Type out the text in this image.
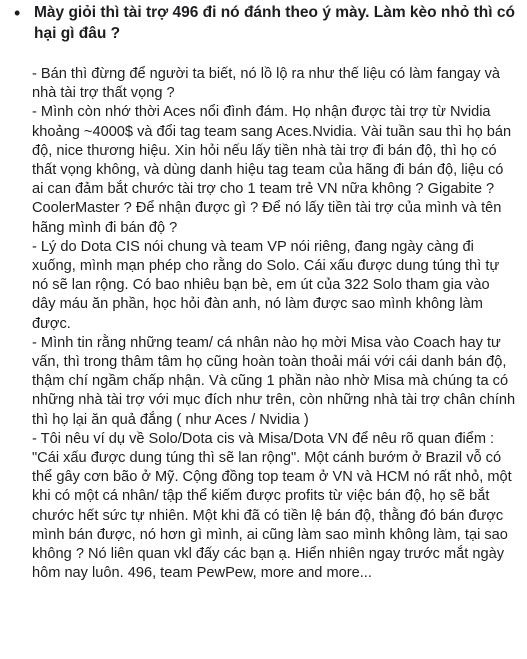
• Mày giỏi thì tài trợ 496 đi nó đánh theo ý mày. Làm kèo nhỏ thì có hại gì đâu ?

- Bán thì đừng để người ta biết, nó lồ lộ ra như thế liệu có làm fangay và nhà tài trợ thất vọng ?

- Mình còn nhớ thời Aces nổi đình đám. Họ nhận được tài trợ từ Nvidia khoảng ~4000$ và đổi tag team sang Aces.Nvidia. Vài tuần sau thì họ bán độ, nice thương hiệu. Xin hỏi nếu lấy tiền nhà tài trợ đi bán độ, thì họ có thất vọng không, và dùng danh hiệu tag team của hãng đi bán độ, liệu có ai can đảm bắt chước tài trợ cho 1 team trẻ VN nữa không ? Gigabite ? CoolerMaster ? Để nhận được gì ? Để nó lấy tiền tài trợ của mình và tên hãng mình đi bán độ ?

- Lý do Dota CIS nói chung và team VP nói riêng, đang ngày càng đi xuống, mình mạn phép cho rằng do Solo. Cái xấu được dung túng thì tự nó sẽ lan rộng. Có bao nhiêu bạn bè, em út của 322 Solo tham gia vào dây máu ăn phần, học hỏi đàn anh, nó làm được sao mình không làm được.

- Mình tin rằng những team/ cá nhân nào họ mời Misa vào Coach hay tư vấn, thì trong thâm tâm họ cũng hoàn toàn thoải mái với cái danh bán độ, thậm chí ngầm chấp nhận. Và cũng 1 phần nào nhờ Misa mà chúng ta có những nhà tài trợ với mục đích như trên, còn những nhà tài trợ chân chính thì họ lại ăn quả đắng ( như Aces / Nvidia )

- Tôi nêu ví dụ về Solo/Dota cis và Misa/Dota VN để nêu rõ quan điểm : "Cái xấu được dung túng thì sẽ lan rộng". Một cánh bướm ở Brazil vỗ có thể gây cơn bão ở Mỹ. Cộng đồng top team ở VN và HCM nó rất nhỏ, một khi có một cá nhân/ tập thể kiếm được profits từ việc bán độ, họ sẽ bắt chước hết sức tự nhiên. Một khi đã có tiền lệ bán độ, thằng đó bán được mình bán được, nó hơn gì mình, ai cũng làm sao mình không làm, tại sao không ? Nó liên quan vkl đấy các bạn ạ. Hiển nhiên ngay trước mắt ngày hôm nay luôn. 496, team PewPew, more and more...
